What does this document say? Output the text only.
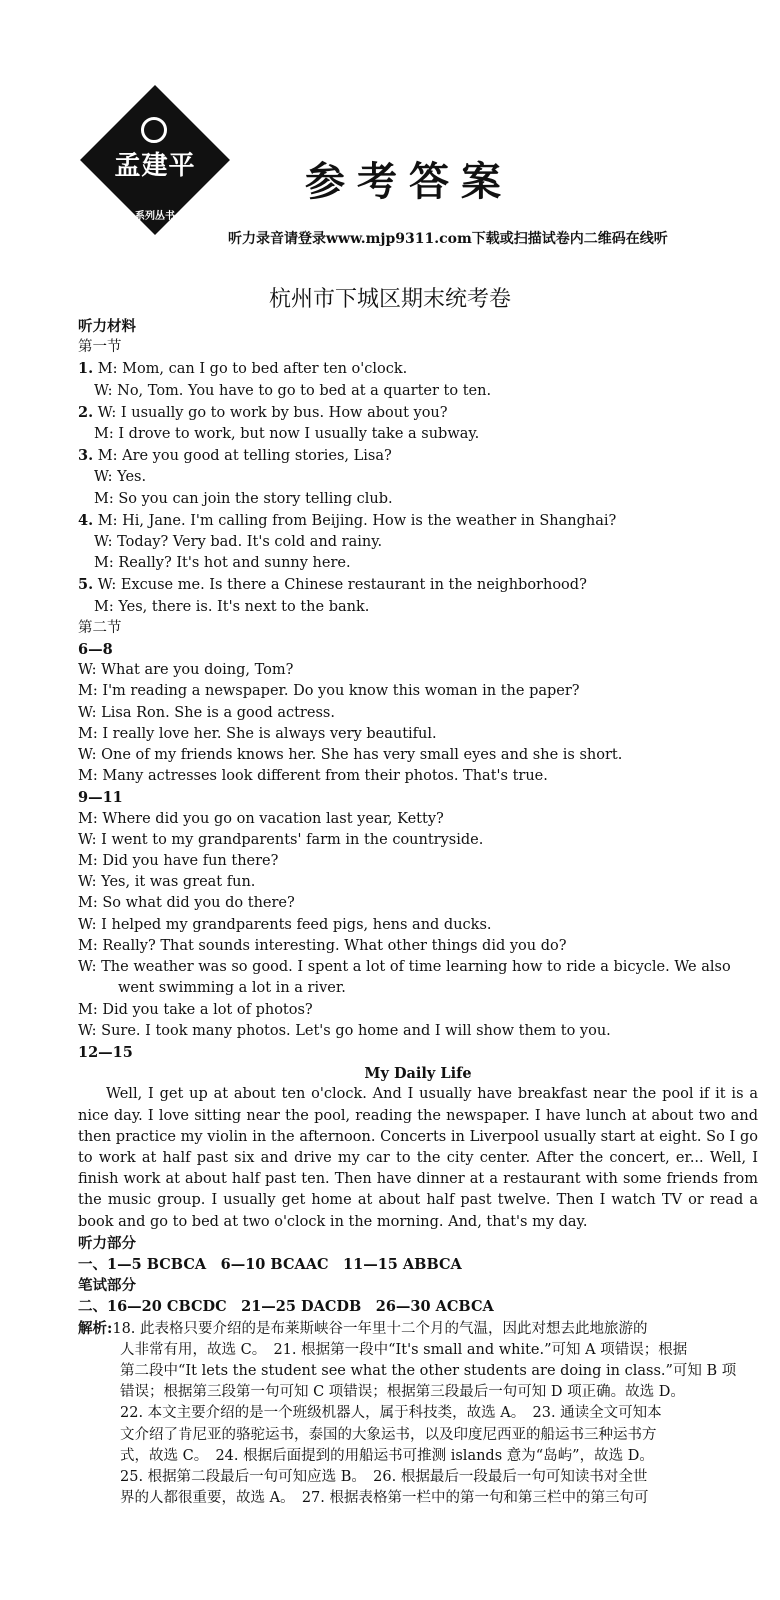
孟建平
系列丛书
参考答案
听力录音请登录www.mjp9311.com下载或扫描试卷内二维码在线听
杭州市下城区期末统考卷
听力材料
第一节
1. M: Mom, can I go to bed after ten o'clock.
W: No, Tom. You have to go to bed at a quarter to ten.
2. W: I usually go to work by bus. How about you?
M: I drove to work, but now I usually take a subway.
3. M: Are you good at telling stories, Lisa?
W: Yes.
M: So you can join the story telling club.
4. M: Hi, Jane. I'm calling from Beijing. How is the weather in Shanghai?
W: Today? Very bad. It's cold and rainy.
M: Really? It's hot and sunny here.
5. W: Excuse me. Is there a Chinese restaurant in the neighborhood?
M: Yes, there is. It's next to the bank.
第二节
6—8
W: What are you doing, Tom?
M: I'm reading a newspaper. Do you know this woman in the paper?
W: Lisa Ron. She is a good actress.
M: I really love her. She is always very beautiful.
W: One of my friends knows her. She has very small eyes and she is short.
M: Many actresses look different from their photos. That's true.
9—11
M: Where did you go on vacation last year, Ketty?
W: I went to my grandparents' farm in the countryside.
M: Did you have fun there?
W: Yes, it was great fun.
M: So what did you do there?
W: I helped my grandparents feed pigs, hens and ducks.
M: Really? That sounds interesting. What other things did you do?
W: The weather was so good. I spent a lot of time learning how to ride a bicycle. We also
went swimming a lot in a river.
M: Did you take a lot of photos?
W: Sure. I took many photos. Let's go home and I will show them to you.
12—15
My Daily Life
Well, I get up at about ten o'clock. And I usually have breakfast near the pool if it is a nice day. I love sitting near the pool, reading the newspaper. I have lunch at about two and then practice my violin in the afternoon. Concerts in Liverpool usually start at eight. So I go to work at half past six and drive my car to the city center. After the concert, er... Well, I finish work at about half past ten. Then have dinner at a restaurant with some friends from the music group. I usually get home at about half past twelve. Then I watch TV or read a book and go to bed at two o'clock in the morning. And, that's my day.
听力部分
一、1—5 BCBCA　6—10 BCAAC　11—15 ABBCA
笔试部分
二、16—20 CBCDC　21—25 DACDB　26—30 ACBCA
解析:18. 此表格只要介绍的是布莱斯峡谷一年里十二个月的气温，因此对想去此地旅游的
人非常有用，故选 C。　21. 根据第一段中“It's small and white.”可知 A 项错误；根据
第二段中“It lets the student see what the other students are doing in class.”可知 B 项
错误；根据第三段第一句可知 C 项错误；根据第三段最后一句可知 D 项正确。故选 D。
22. 本文主要介绍的是一个班级机器人，属于科技类，故选 A。　23. 通读全文可知本
文介绍了肯尼亚的骆驼运书，泰国的大象运书，以及印度尼西亚的船运书三种运书方
式，故选 C。　24. 根据后面提到的用船运书可推测 islands 意为“岛屿”，故选 D。
25. 根据第二段最后一句可知应选 B。　26. 根据最后一段最后一句可知读书对全世
界的人都很重要，故选 A。　27. 根据表格第一栏中的第一句和第三栏中的第三句可
